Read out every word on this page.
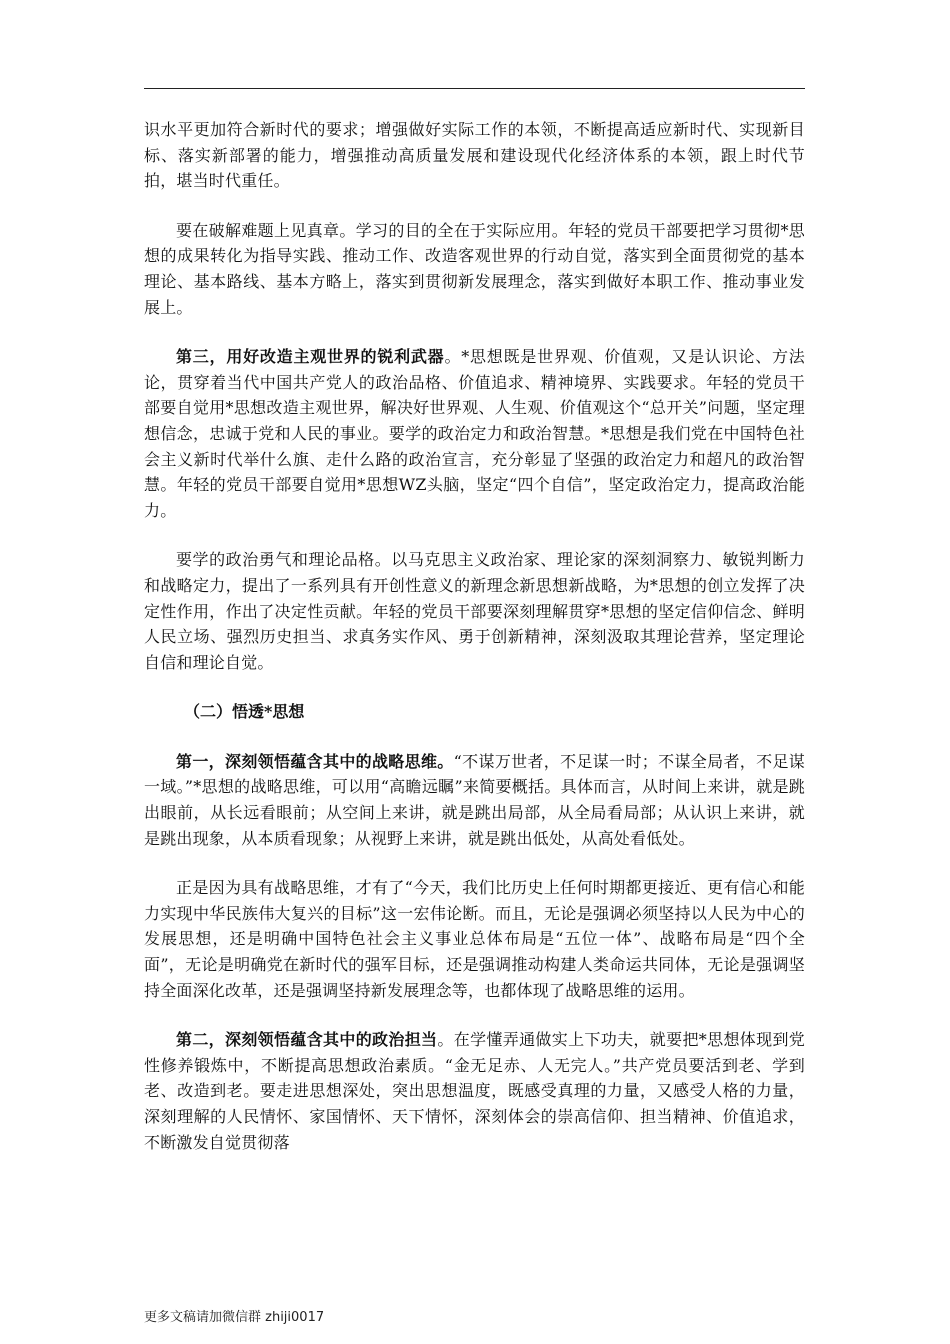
识水平更加符合新时代的要求；增强做好实际工作的本领，不断提高适应新时代、实现新目标、落实新部署的能力，增强推动高质量发展和建设现代化经济体系的本领，跟上时代节拍，堪当时代重任。

要在破解难题上见真章。学习的目的全在于实际应用。年轻的党员干部要把学习贯彻*思想的成果转化为指导实践、推动工作、改造客观世界的行动自觉，落实到全面贯彻党的基本理论、基本路线、基本方略上，落实到贯彻新发展理念，落实到做好本职工作、推动事业发展上。

第三，用好改造主观世界的锐利武器。*思想既是世界观、价值观，又是认识论、方法论，贯穿着当代中国共产党人的政治品格、价值追求、精神境界、实践要求。年轻的党员干部要自觉用*思想改造主观世界，解决好世界观、人生观、价值观这个“总开关”问题，坚定理想信念，忠诚于党和人民的事业。要学的政治定力和政治智慧。*思想是我们党在中国特色社会主义新时代举什么旗、走什么路的政治宣言，充分彰显了坚强的政治定力和超凡的政治智慧。年轻的党员干部要自觉用*思想WZ头脑，坚定“四个自信”，坚定政治定力，提高政治能力。

要学的政治勇气和理论品格。以马克思主义政治家、理论家的深刻洞察力、敏锐判断力和战略定力，提出了一系列具有开创性意义的新理念新思想新战略，为*思想的创立发挥了决定性作用，作出了决定性贡献。年轻的党员干部要深刻理解贯穿*思想的坚定信仰信念、鲜明人民立场、强烈历史担当、求真务实作风、勇于创新精神，深刻汲取其理论营养，坚定理论自信和理论自觉。

（二）悟透*思想

第一，深刻领悟蕴含其中的战略思维。“不谋万世者，不足谋一时；不谋全局者，不足谋一域。”*思想的战略思维，可以用“高瞻远瞩”来简要概括。具体而言，从时间上来讲，就是跳出眼前，从长远看眼前；从空间上来讲，就是跳出局部，从全局看局部；从认识上来讲，就是跳出现象，从本质看现象；从视野上来讲，就是跳出低处，从高处看低处。

正是因为具有战略思维，才有了“今天，我们比历史上任何时期都更接近、更有信心和能力实现中华民族伟大复兴的目标”这一宏伟论断。而且，无论是强调必须坚持以人民为中心的发展思想，还是明确中国特色社会主义事业总体布局是“五位一体”、战略布局是“四个全面”，无论是明确党在新时代的强军目标，还是强调推动构建人类命运共同体，无论是强调坚持全面深化改革，还是强调坚持新发展理念等，也都体现了战略思维的运用。

第二，深刻领悟蕴含其中的政治担当。在学懂弄通做实上下功夫，就要把*思想体现到党性修养锻炼中，不断提高思想政治素质。“金无足赤、人无完人。”共产党员要活到老、学到老、改造到老。要走进思想深处，突出思想温度，既感受真理的力量，又感受人格的力量，深刻理解的人民情怀、家国情怀、天下情怀，深刻体会的崇高信仰、担当精神、价值追求，不断激发自觉贯彻落

更多文稿请加微信群 zhiji0017
